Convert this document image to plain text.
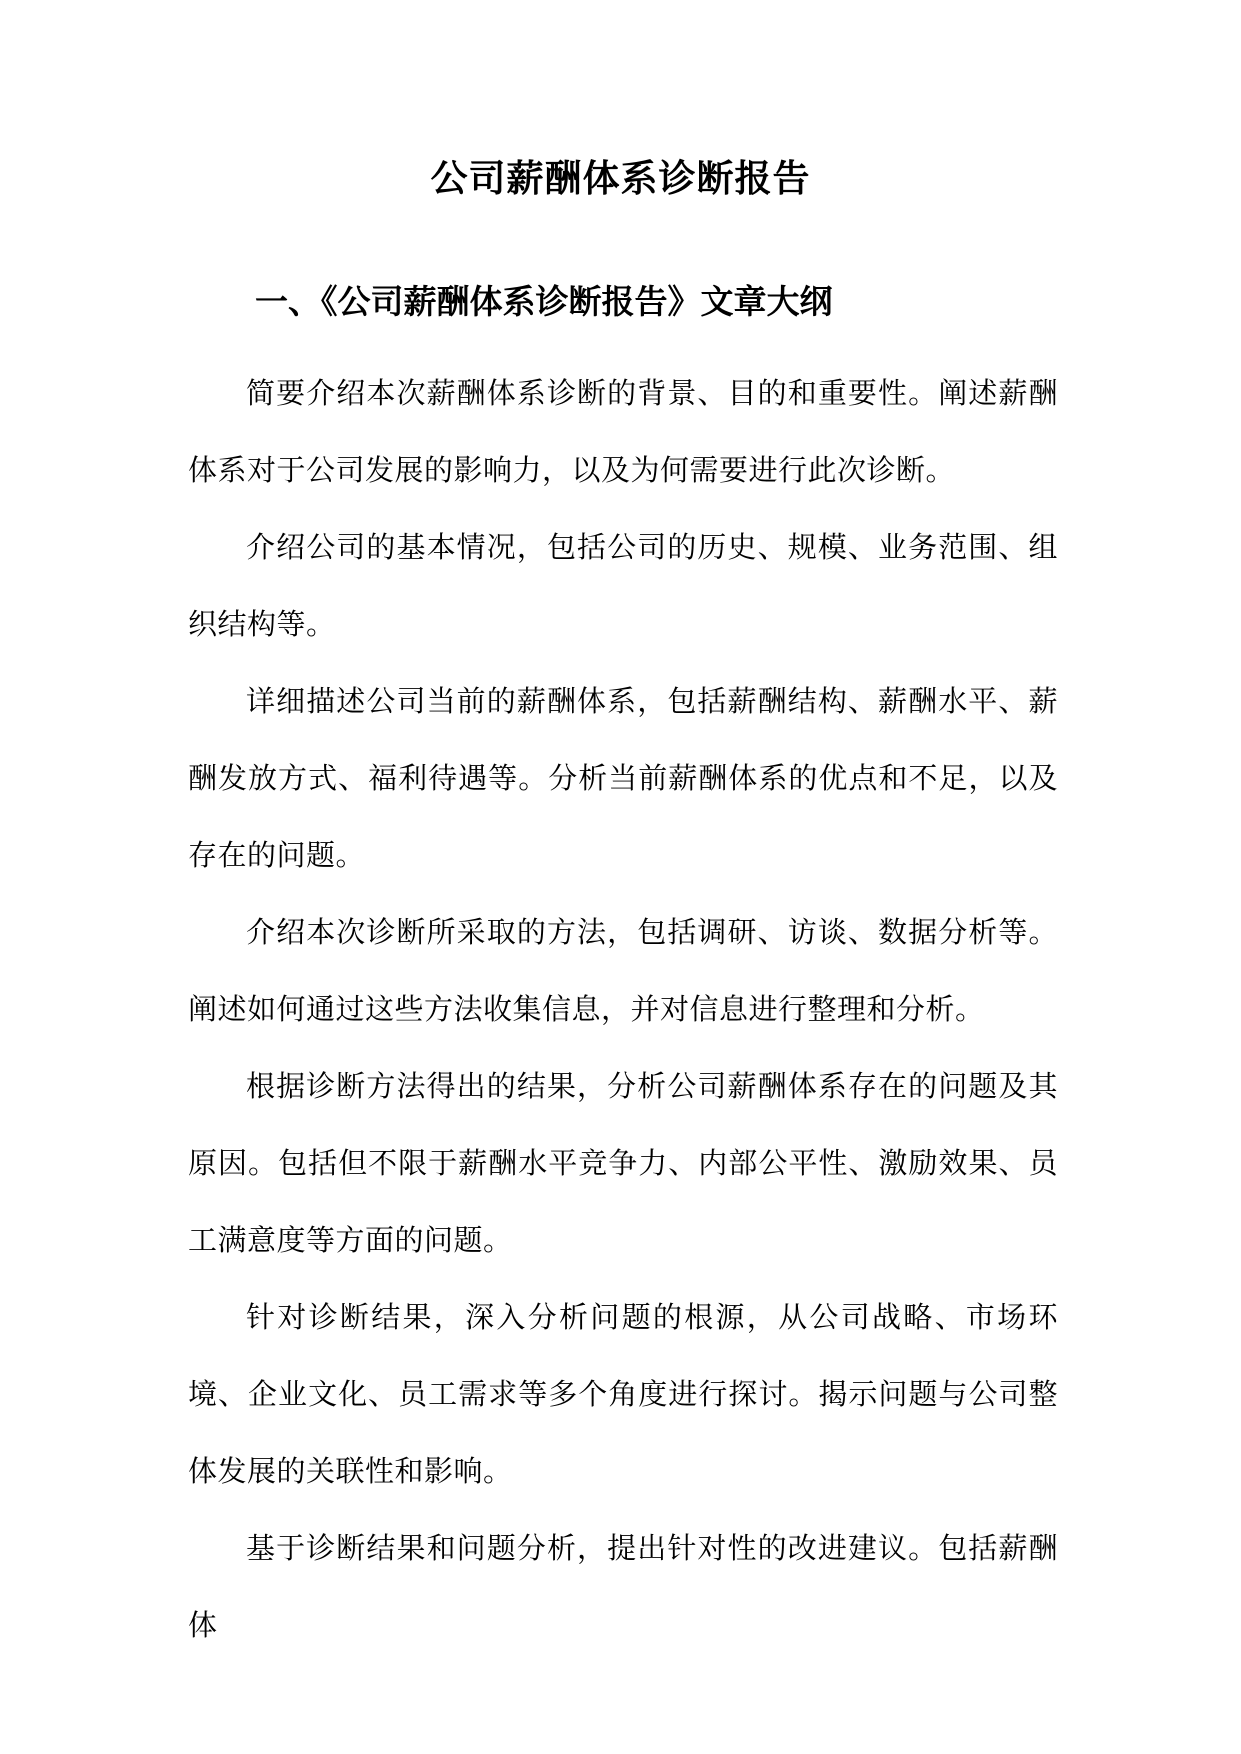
公司薪酬体系诊断报告
一、《公司薪酬体系诊断报告》文章大纲

简要介绍本次薪酬体系诊断的背景、目的和重要性。阐述薪酬体系对于公司发展的影响力，以及为何需要进行此次诊断。

介绍公司的基本情况，包括公司的历史、规模、业务范围、组织结构等。

详细描述公司当前的薪酬体系，包括薪酬结构、薪酬水平、薪酬发放方式、福利待遇等。分析当前薪酬体系的优点和不足，以及存在的问题。

介绍本次诊断所采取的方法，包括调研、访谈、数据分析等。阐述如何通过这些方法收集信息，并对信息进行整理和分析。

根据诊断方法得出的结果，分析公司薪酬体系存在的问题及其原因。包括但不限于薪酬水平竞争力、内部公平性、激励效果、员工满意度等方面的问题。

针对诊断结果，深入分析问题的根源，从公司战略、市场环境、企业文化、员工需求等多个角度进行探讨。揭示问题与公司整体发展的关联性和影响。

基于诊断结果和问题分析，提出针对性的改进建议。包括薪酬体
